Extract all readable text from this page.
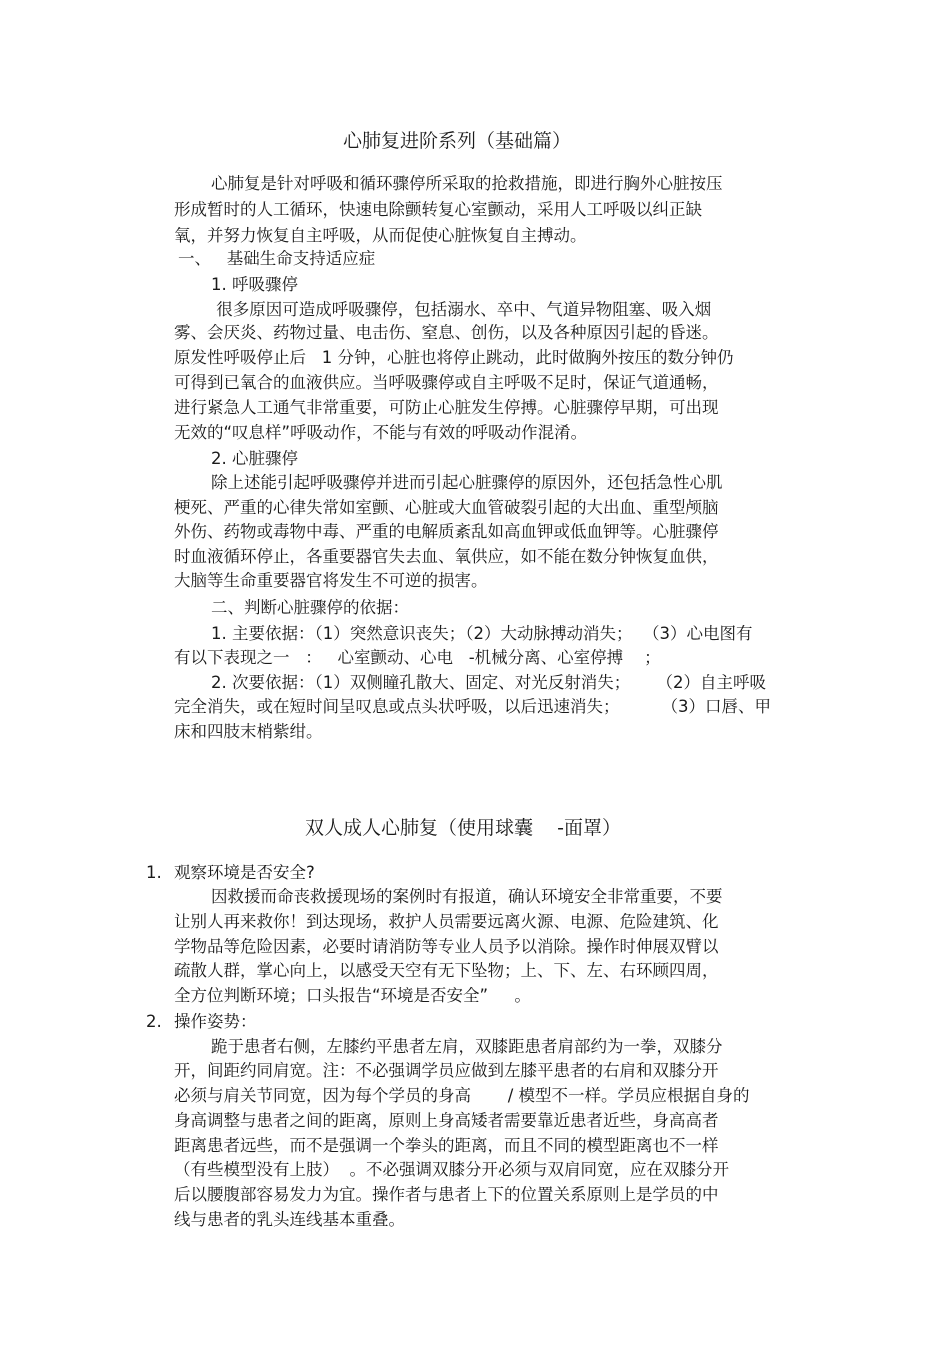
心肺复进阶系列（基础篇）
心肺复是针对呼吸和循环骤停所采取的抢救措施，即进行胸外心脏按压
形成暂时的人工循环，快速电除颤转复心室颤动，采用人工呼吸以纠正缺
氧，并努力恢复自主呼吸，从而促使心脏恢复自主搏动。
一、   基础生命支持适应症
1. 呼吸骤停
很多原因可造成呼吸骤停，包括溺水、卒中、气道异物阻塞、吸入烟
雾、会厌炎、药物过量、电击伤、窒息、创伤，以及各种原因引起的昏迷。
原发性呼吸停止后   1 分钟，心脏也将停止跳动，此时做胸外按压的数分钟仍
可得到已氧合的血液供应。当呼吸骤停或自主呼吸不足时，保证气道通畅，
进行紧急人工通气非常重要，可防止心脏发生停搏。心脏骤停早期，可出现
无效的“叹息样”呼吸动作，不能与有效的呼吸动作混淆。
2. 心脏骤停
除上述能引起呼吸骤停并进而引起心脏骤停的原因外，还包括急性心肌
梗死、严重的心律失常如室颤、心脏或大血管破裂引起的大出血、重型颅脑
外伤、药物或毒物中毒、严重的电解质紊乱如高血钾或低血钾等。心脏骤停
时血液循环停止，各重要器官失去血、氧供应，如不能在数分钟恢复血供，
大脑等生命重要器官将发生不可逆的损害。
二、判断心脏骤停的依据：
1. 主要依据：（1）突然意识丧失；（2）大动脉搏动消失；  （3）心电图有
有以下表现之一   ：   心室颤动、心电   -机械分离、心室停搏    ；
2. 次要依据：（1）双侧瞳孔散大、固定、对光反射消失；     （2）自主呼吸
完全消失，或在短时间呈叹息或点头状呼吸，以后迅速消失；        （3）口唇、甲
床和四肢末梢紫绀。
双人成人心肺复（使用球囊    -面罩）
1. 观察环境是否安全?
因救援而命丧救援现场的案例时有报道，确认环境安全非常重要，不要
让别人再来救你！到达现场，救护人员需要远离火源、电源、危险建筑、化
学物品等危险因素，必要时请消防等专业人员予以消除。操作时伸展双臂以
疏散人群，掌心向上，以感受天空有无下坠物；上、下、左、右环顾四周，
全方位判断环境；口头报告“环境是否安全”     。
2. 操作姿势：
跪于患者右侧，左膝约平患者左肩，双膝距患者肩部约为一拳，双膝分
开，间距约同肩宽。注：不必强调学员应做到左膝平患者的右肩和双膝分开
必须与肩关节同宽，因为每个学员的身高       / 模型不一样。学员应根据自身的
身高调整与患者之间的距离，原则上身高矮者需要靠近患者近些，身高高者
距离患者远些，而不是强调一个拳头的距离，而且不同的模型距离也不一样
（有些模型没有上肢）  。不必强调双膝分开必须与双肩同宽，应在双膝分开
后以腰腹部容易发力为宜。操作者与患者上下的位置关系原则上是学员的中
线与患者的乳头连线基本重叠。
